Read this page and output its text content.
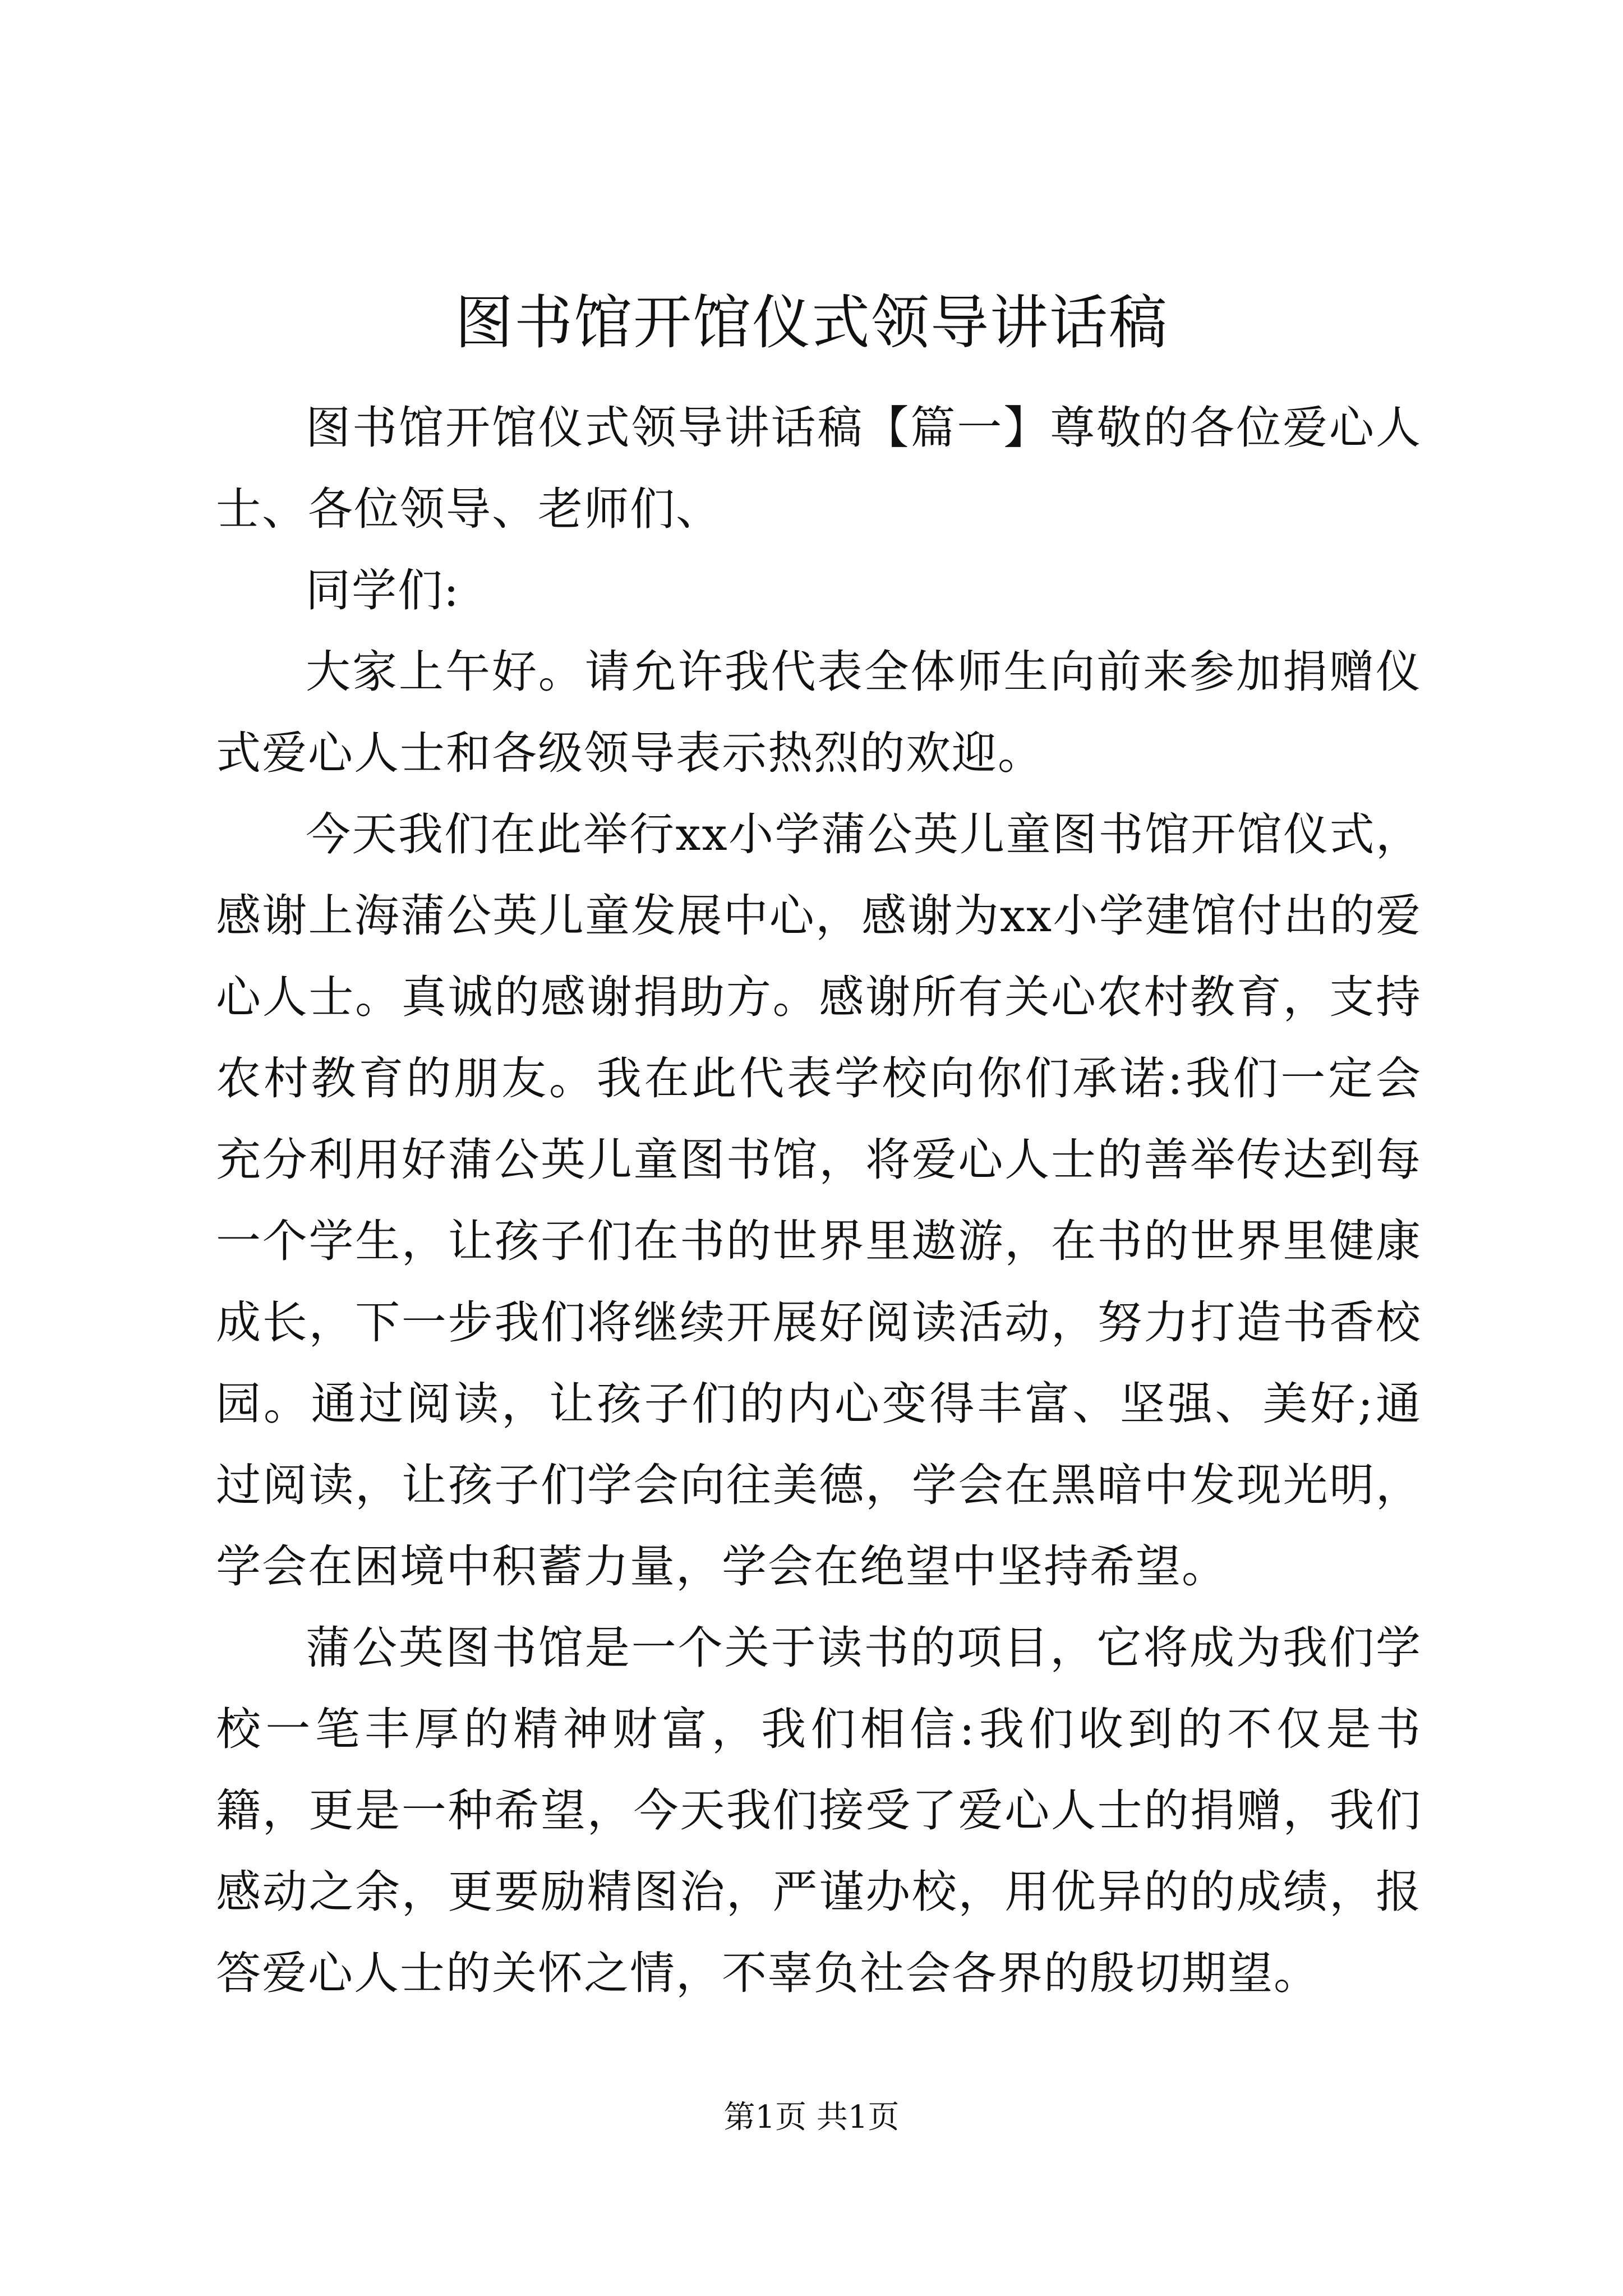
图书馆开馆仪式领导讲话稿

图书馆开馆仪式领导讲话稿【篇一】尊敬的各位爱心人士、各位领导、老师们、

同学们:

大家上午好。请允许我代表全体师生向前来参加捐赠仪式爱心人士和各级领导表示热烈的欢迎。

今天我们在此举行xx小学蒲公英儿童图书馆开馆仪式，感谢上海蒲公英儿童发展中心，感谢为xx小学建馆付出的爱心人士。真诚的感谢捐助方。感谢所有关心农村教育，支持农村教育的朋友。我在此代表学校向你们承诺:我们一定会充分利用好蒲公英儿童图书馆，将爱心人士的善举传达到每一个学生，让孩子们在书的世界里遨游，在书的世界里健康成长，下一步我们将继续开展好阅读活动，努力打造书香校园。通过阅读，让孩子们的内心变得丰富、坚强、美好;通过阅读，让孩子们学会向往美德，学会在黑暗中发现光明，学会在困境中积蓄力量，学会在绝望中坚持希望。

蒲公英图书馆是一个关于读书的项目，它将成为我们学校一笔丰厚的精神财富，我们相信:我们收到的不仅是书籍，更是一种希望，今天我们接受了爱心人士的捐赠，我们感动之余，更要励精图治，严谨办校，用优异的的成绩，报答爱心人士的关怀之情，不辜负社会各界的殷切期望。

第1页 共1页
